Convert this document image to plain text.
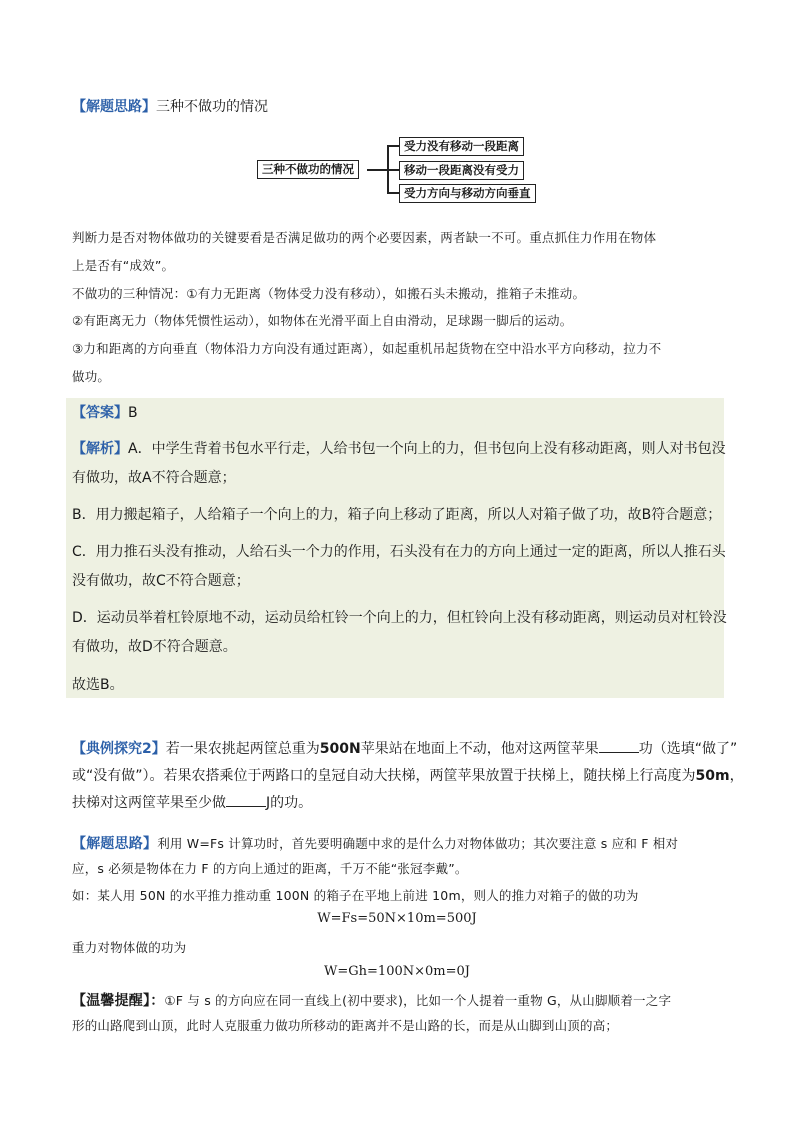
【解题思路】三种不做功的情况
三种不做功的情况
受力没有移动一段距离
移动一段距离没有受力
受力方向与移动方向垂直
判断力是否对物体做功的关键要看是否满足做功的两个必要因素，两者缺一不可。重点抓住力作用在物体
上是否有“成效”。
不做功的三种情况：①有力无距离（物体受力没有移动），如搬石头未搬动，推箱子未推动。
②有距离无力（物体凭惯性运动），如物体在光滑平面上自由滑动，足球踢一脚后的运动。
③力和距离的方向垂直（物体沿力方向没有通过距离），如起重机吊起货物在空中沿水平方向移动，拉力不
做功。
【答案】B
【解析】A．中学生背着书包水平行走，人给书包一个向上的力，但书包向上没有移动距离，则人对书包没
有做功，故A不符合题意；
B．用力搬起箱子，人给箱子一个向上的力，箱子向上移动了距离，所以人对箱子做了功，故B符合题意；
C．用力推石头没有推动，人给石头一个力的作用，石头没有在力的方向上通过一定的距离，所以人推石头
没有做功，故C不符合题意；
D．运动员举着杠铃原地不动，运动员给杠铃一个向上的力，但杠铃向上没有移动距离，则运动员对杠铃没
有做功，故D不符合题意。
故选B。
【典例探究2】若一果农挑起两筐总重为500N苹果站在地面上不动，他对这两筐苹果	功（选填“做了”
或“没有做”）。若果农搭乘位于两路口的皇冠自动大扶梯，两筐苹果放置于扶梯上，随扶梯上行高度为50m，
扶梯对这两筐苹果至少做	J的功。
【解题思路】利用 W=Fs 计算功时，首先要明确题中求的是什么力对物体做功；其次要注意 s 应和 F 相对
应，s 必须是物体在力 F 的方向上通过的距离，千万不能“张冠李戴”。
如：某人用 50N 的水平推力推动重 100N 的箱子在平地上前进 10m，则人的推力对箱子的做的功为
W=Fs=50N×10m=500J
重力对物体做的功为
W=Gh=100N×0m=0J
【温馨提醒】：①F 与 s 的方向应在同一直线上(初中要求)，比如一个人提着一重物 G，从山脚顺着一之字
形的山路爬到山顶，此时人克服重力做功所移动的距离并不是山路的长，而是从山脚到山顶的高；
